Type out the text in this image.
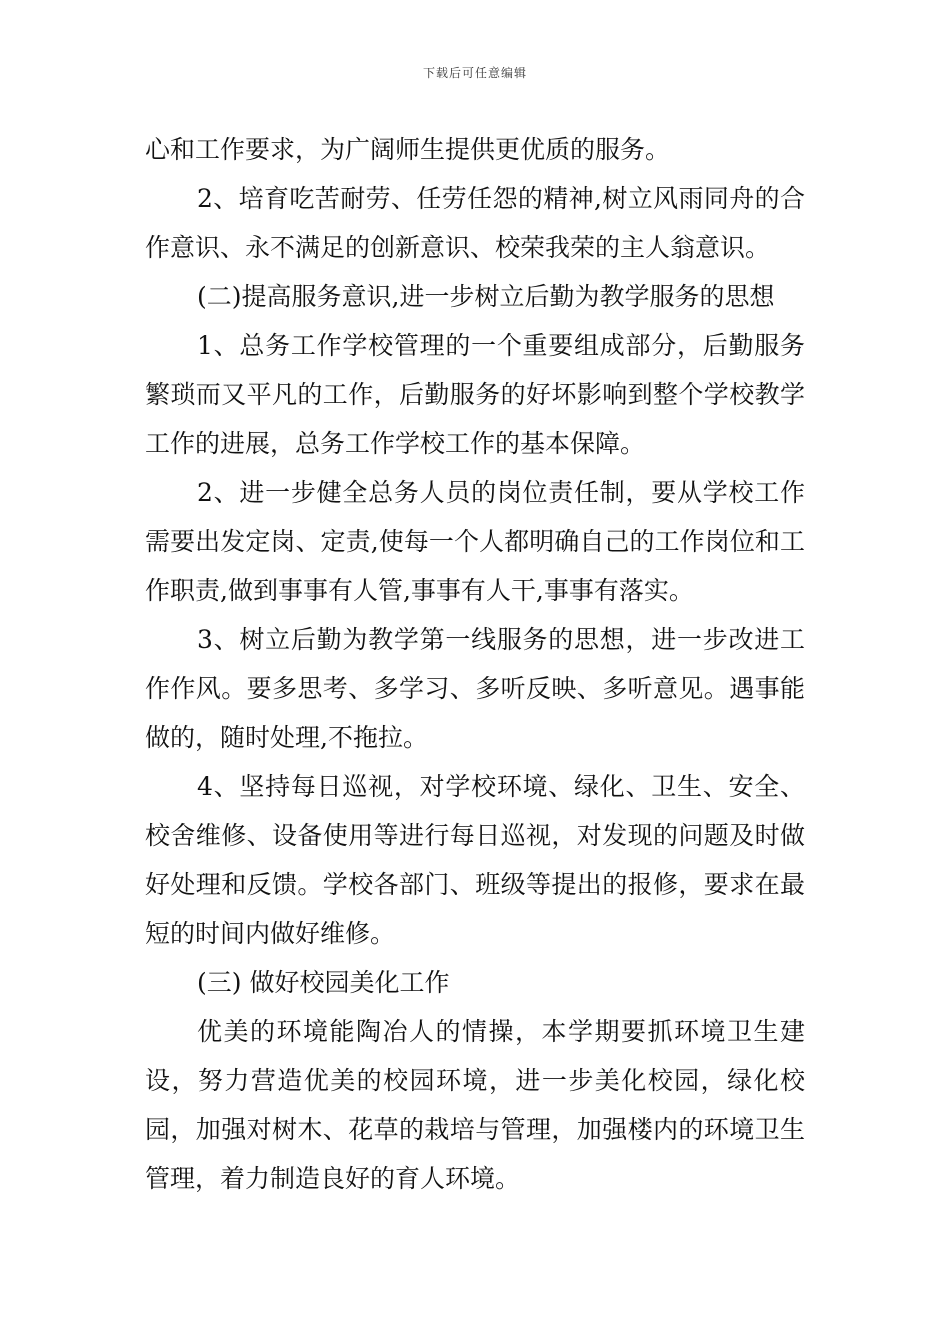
下载后可任意编辑

心和工作要求，为广阔师生提供更优质的服务。

2、培育吃苦耐劳、任劳任怨的精神,树立风雨同舟的合作意识、永不满足的创新意识、校荣我荣的主人翁意识。

(二)提高服务意识,进一步树立后勤为教学服务的思想

1、总务工作学校管理的一个重要组成部分，后勤服务繁琐而又平凡的工作，后勤服务的好坏影响到整个学校教学工作的进展，总务工作学校工作的基本保障。

2、进一步健全总务人员的岗位责任制，要从学校工作需要出发定岗、定责,使每一个人都明确自己的工作岗位和工作职责,做到事事有人管,事事有人干,事事有落实。

3、树立后勤为教学第一线服务的思想，进一步改进工作作风。要多思考、多学习、多听反映、多听意见。遇事能做的，随时处理,不拖拉。

4、坚持每日巡视，对学校环境、绿化、卫生、安全、校舍维修、设备使用等进行每日巡视，对发现的问题及时做好处理和反馈。学校各部门、班级等提出的报修，要求在最短的时间内做好维修。

(三) 做好校园美化工作

优美的环境能陶冶人的情操，本学期要抓环境卫生建设，努力营造优美的校园环境，进一步美化校园，绿化校园，加强对树木、花草的栽培与管理，加强楼内的环境卫生管理，着力制造良好的育人环境。
